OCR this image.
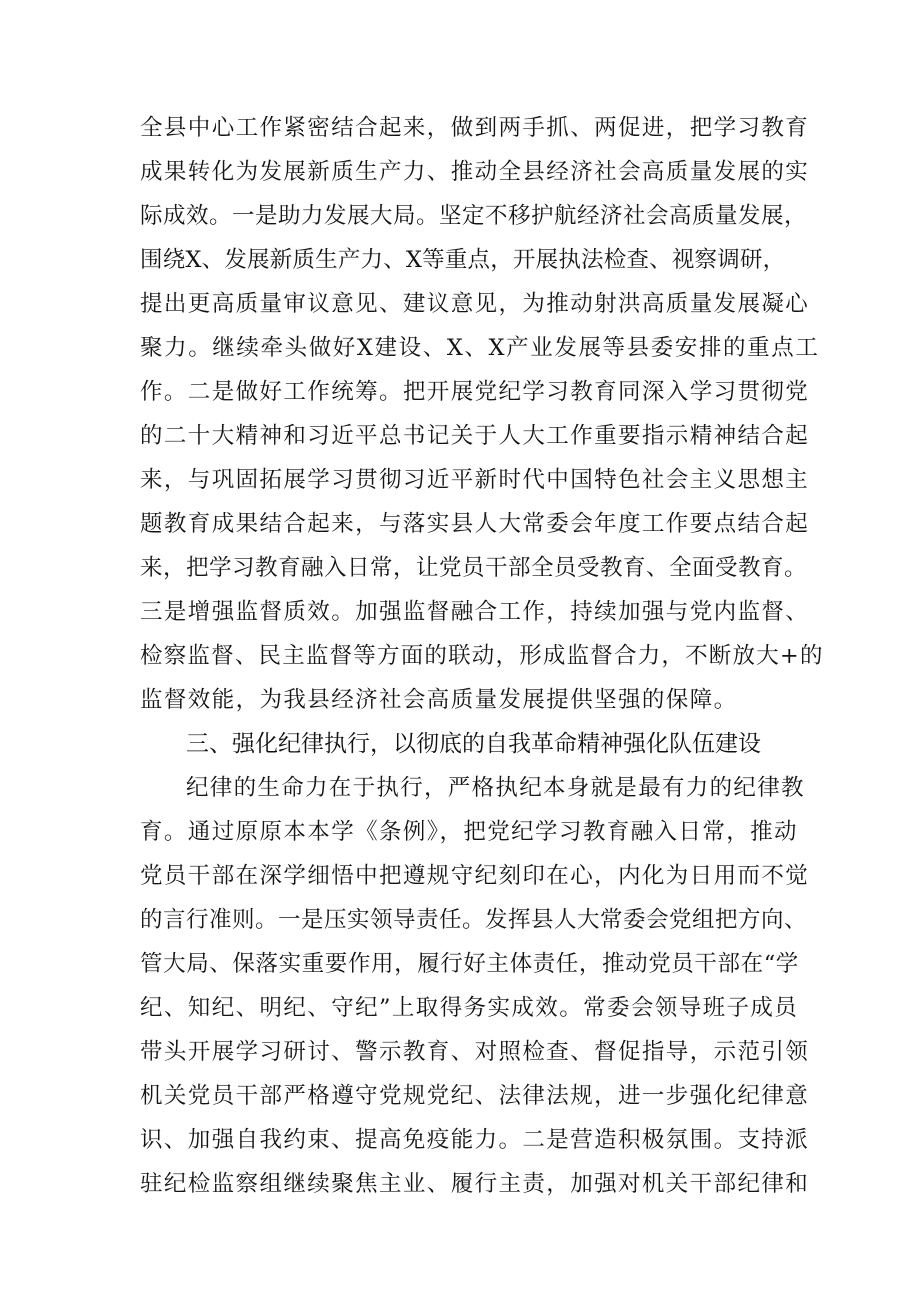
全县中心工作紧密结合起来，做到两手抓、两促进，把学习教育
成果转化为发展新质生产力、推动全县经济社会高质量发展的实
际成效。一是助力发展大局。坚定不移护航经济社会高质量发展，
围绕X、发展新质生产力、X等重点，开展执法检查、视察调研，
提出更高质量审议意见、建议意见，为推动射洪高质量发展凝心
聚力。继续牵头做好X建设、X、X产业发展等县委安排的重点工
作。二是做好工作统筹。把开展党纪学习教育同深入学习贯彻党
的二十大精神和习近平总书记关于人大工作重要指示精神结合起
来，与巩固拓展学习贯彻习近平新时代中国特色社会主义思想主
题教育成果结合起来，与落实县人大常委会年度工作要点结合起
来，把学习教育融入日常，让党员干部全员受教育、全面受教育。
三是增强监督质效。加强监督融合工作，持续加强与党内监督、
检察监督、民主监督等方面的联动，形成监督合力，不断放大+的
监督效能，为我县经济社会高质量发展提供坚强的保障。
三、强化纪律执行，以彻底的自我革命精神强化队伍建设
纪律的生命力在于执行，严格执纪本身就是最有力的纪律教
育。通过原原本本学《条例》，把党纪学习教育融入日常，推动
党员干部在深学细悟中把遵规守纪刻印在心，内化为日用而不觉
的言行准则。一是压实领导责任。发挥县人大常委会党组把方向、
管大局、保落实重要作用，履行好主体责任，推动党员干部在“学
纪、知纪、明纪、守纪”上取得务实成效。常委会领导班子成员
带头开展学习研讨、警示教育、对照检查、督促指导，示范引领
机关党员干部严格遵守党规党纪、法律法规，进一步强化纪律意
识、加强自我约束、提高免疫能力。二是营造积极氛围。支持派
驻纪检监察组继续聚焦主业、履行主责，加强对机关干部纪律和
